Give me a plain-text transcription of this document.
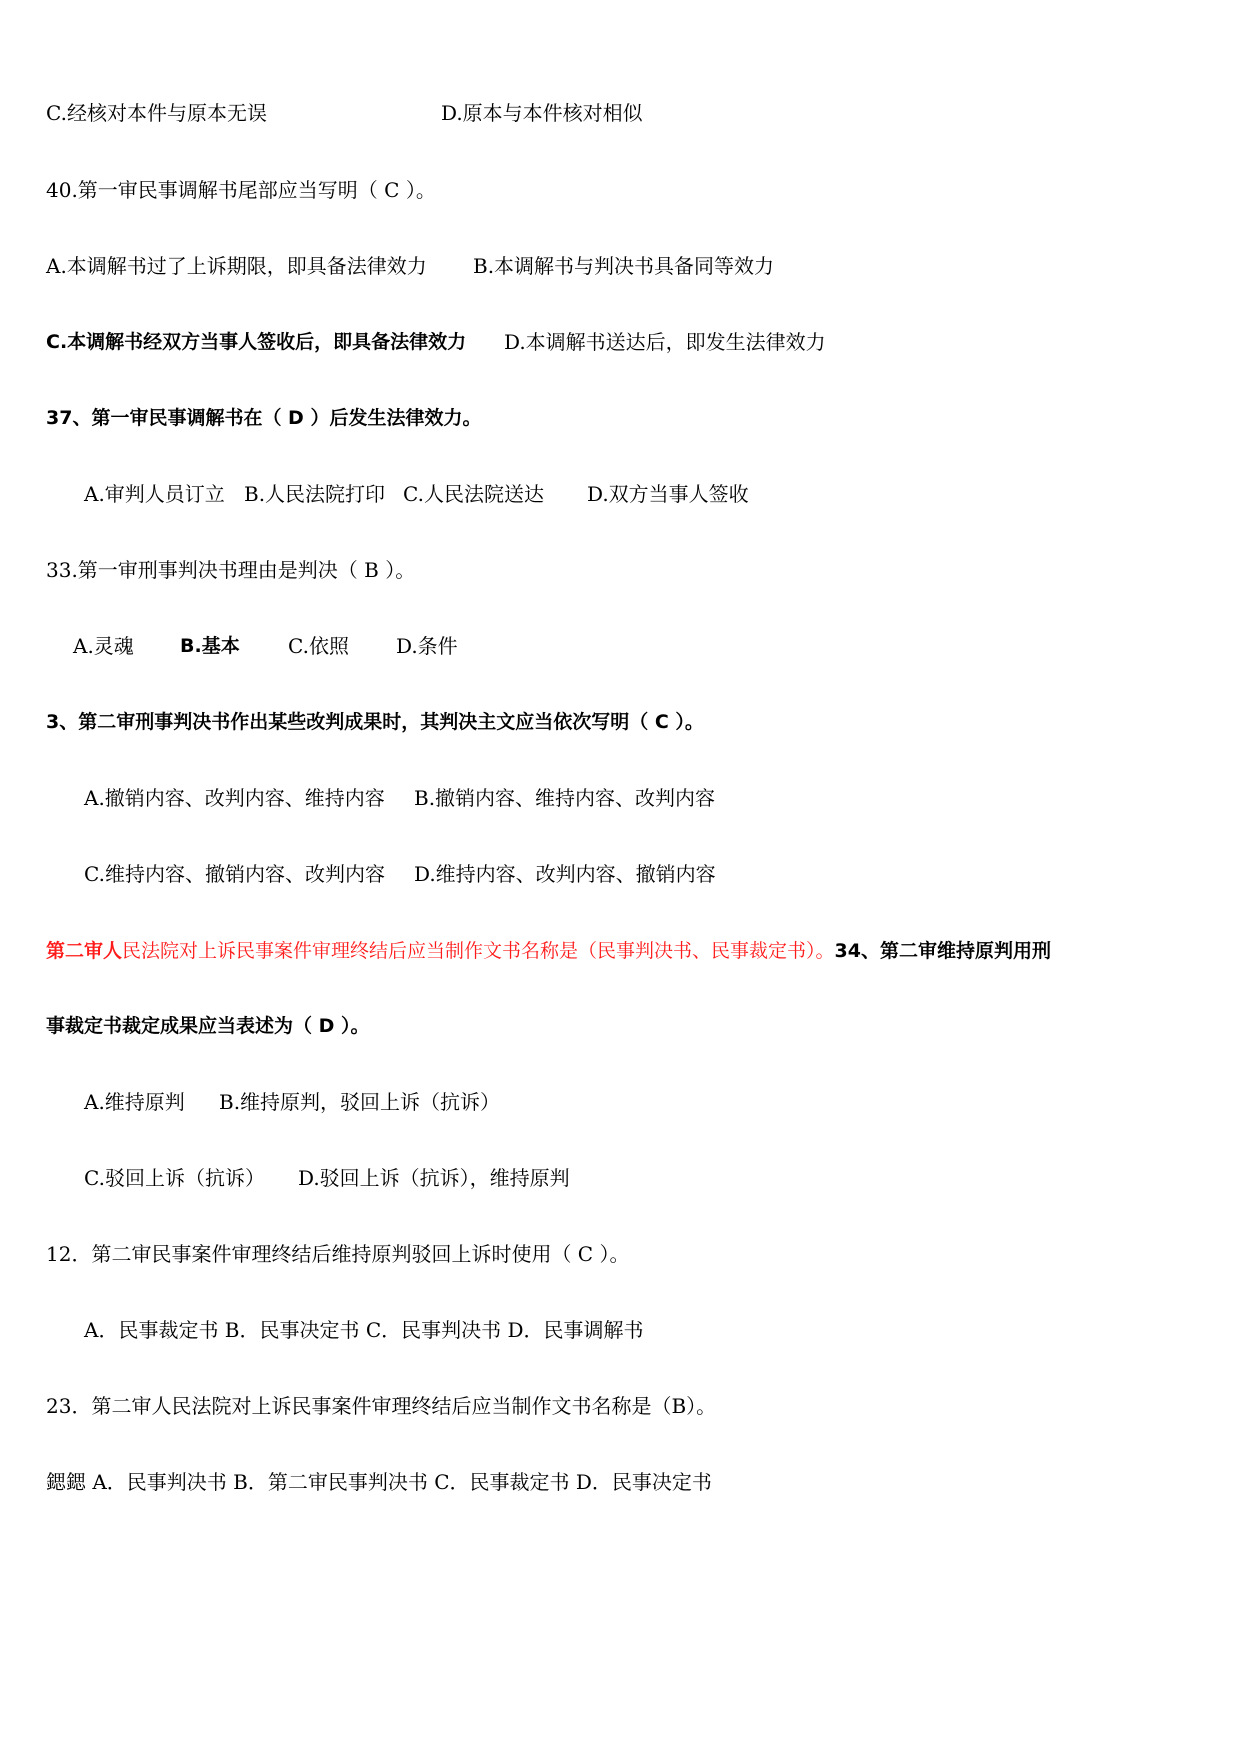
C.经核对本件与原本无误	D.原本与本件核对相似
40.第一审民事调解书尾部应当写明（ C ）。
A.本调解书过了上诉期限，即具备法律效力 B.本调解书与判决书具备同等效力
C.本调解书经双方当事人签收后，即具备法律效力 D.本调解书送达后，即发生法律效力
37、第一审民事调解书在（ D ）后发生法律效力。
A.审判人员订立 B.人民法院打印 C.人民法院送达 D.双方当事人签收
33.第一审刑事判决书理由是判决（ B ）。
A.灵魂 B.基本 C.依照 D.条件
3、第二审刑事判决书作出某些改判成果时，其判决主文应当依次写明（ C ）。
A.撤销内容、改判内容、维持内容 B.撤销内容、维持内容、改判内容
C.维持内容、撤销内容、改判内容 D.维持内容、改判内容、撤销内容
第二审人民法院对上诉民事案件审理终结后应当制作文书名称是（民事判决书、民事裁定书）。34、第二审维持原判用刑
事裁定书裁定成果应当表述为（ D ）。
A.维持原判 B.维持原判，驳回上诉（抗诉）
C.驳回上诉（抗诉） D.驳回上诉（抗诉），维持原判
12．第二审民事案件审理终结后维持原判驳回上诉时使用（ C ）。
A．民事裁定书 B．民事决定书 C．民事判决书 D．民事调解书
23．第二审人民法院对上诉民事案件审理终结后应当制作文书名称是（B）。
鍶鍶 A．民事判决书 B．第二审民事判决书 C．民事裁定书 D．民事决定书
